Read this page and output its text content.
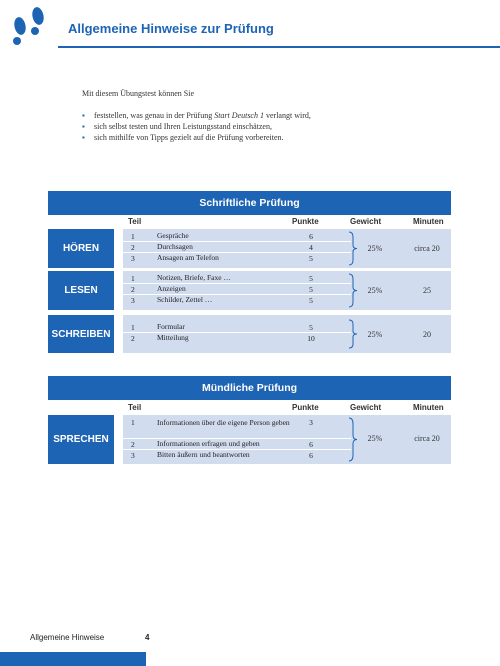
Allgemeine Hinweise zur Prüfung
Mit diesem Übungstest können Sie
▪ feststellen, was genau in der Prüfung Start Deutsch 1 verlangt wird,
▪ sich selbst testen und Ihren Leistungsstand einschätzen,
▪ sich mithilfe von Tipps gezielt auf die Prüfung vorbereiten.
Schriftliche Prüfung
Teil	Punkte	Gewicht	Minuten
HÖREN
1	Gespräche	6
2	Durchsagen	4
3	Ansagen am Telefon	5
25%	circa 20
LESEN
1	Notizen, Briefe, Faxe …	5
2	Anzeigen	5
3	Schilder, Zettel …	5
25%	25
SCHREIBEN
1	Formular	5
2	Mitteilung	10	25%	20
Mündliche Prüfung
Teil	Punkte	Gewicht	Minuten
SPRECHEN
1	Informationen über die eigene Person geben	3
2	Informationen erfragen und geben	6
3	Bitten äußern und beantworten	6
25%	circa 20
Allgemeine Hinweise	4
